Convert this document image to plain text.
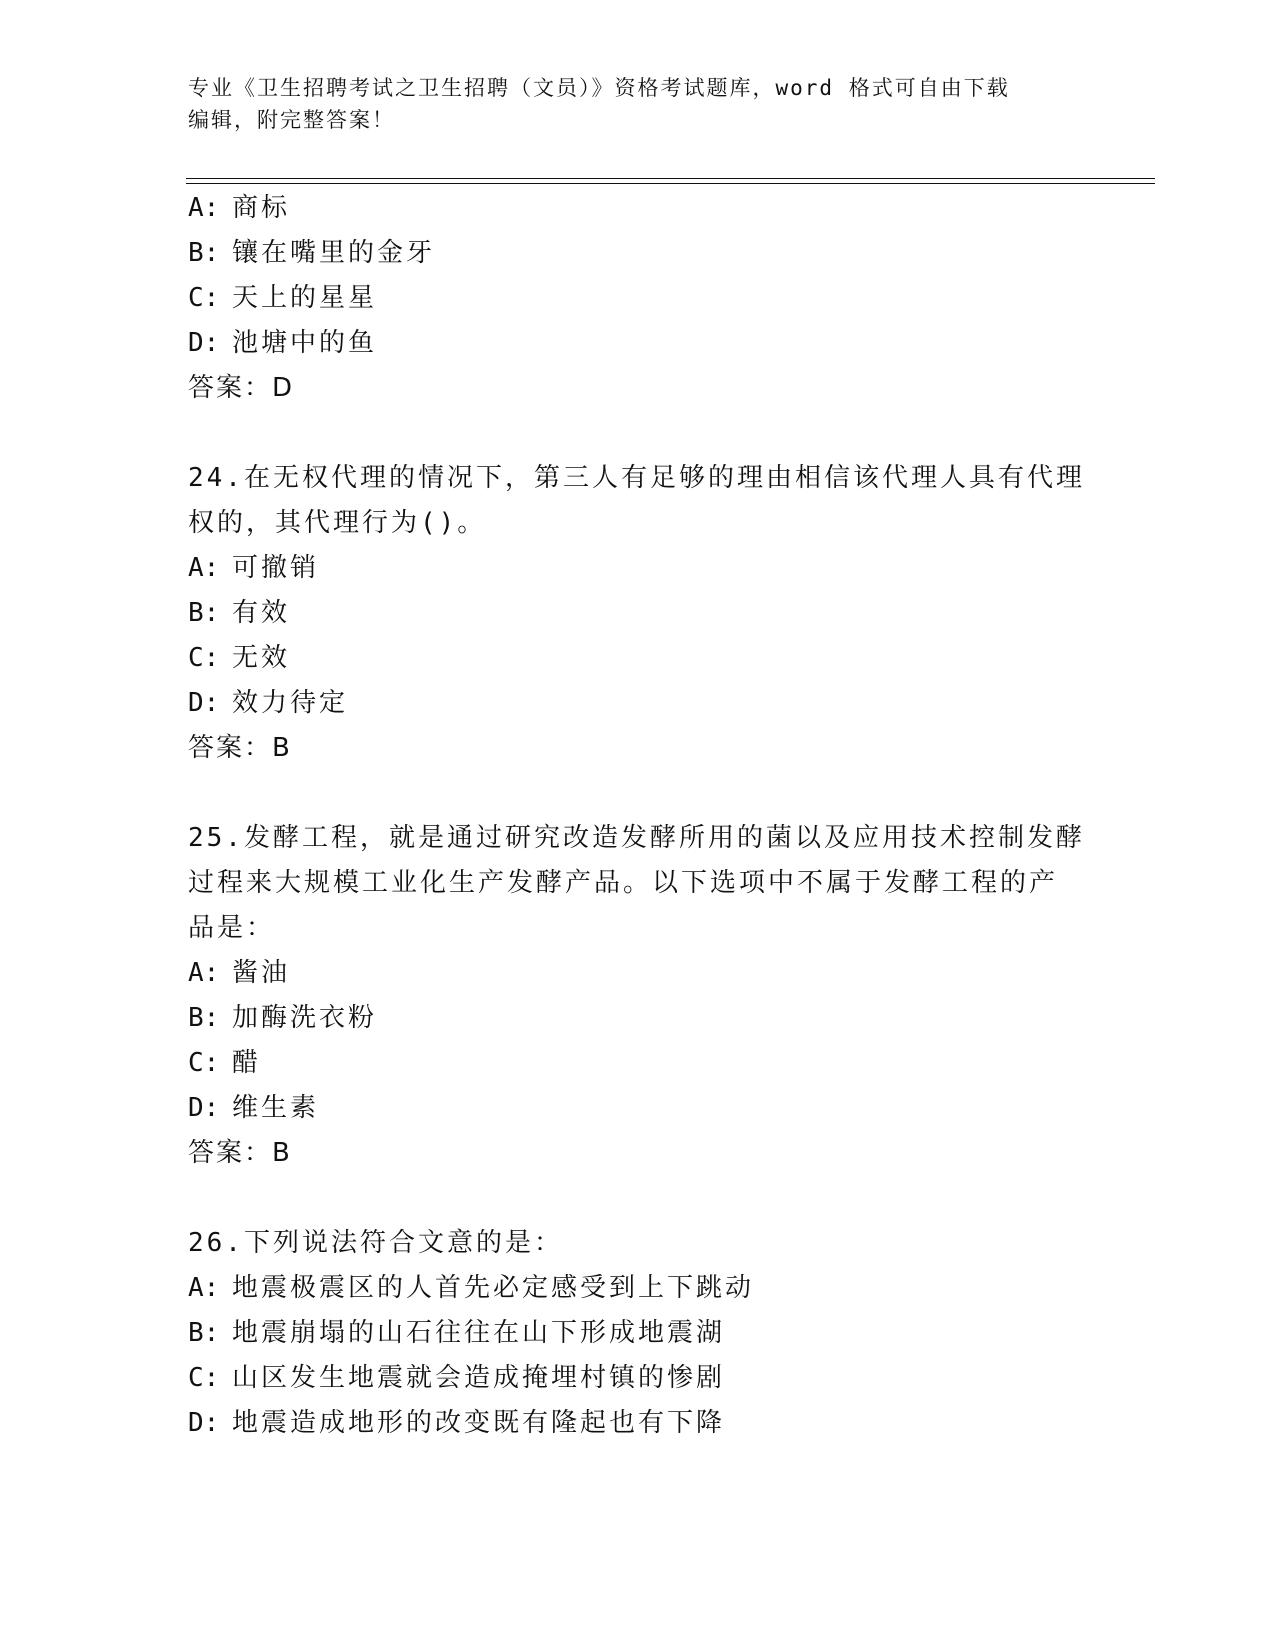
专业《卫生招聘考试之卫生招聘（文员）》资格考试题库，word 格式可自由下载
编辑，附完整答案！
A: 商标
B: 镶在嘴里的金牙
C: 天上的星星
D: 池塘中的鱼
答案：D
24.在无权代理的情况下，第三人有足够的理由相信该代理人具有代理
权的，其代理行为()。
A: 可撤销
B: 有效
C: 无效
D: 效力待定
答案：B
25.发酵工程，就是通过研究改造发酵所用的菌以及应用技术控制发酵
过程来大规模工业化生产发酵产品。以下选项中不属于发酵工程的产
品是：
A: 酱油
B: 加酶洗衣粉
C: 醋
D: 维生素
答案：B
26.下列说法符合文意的是：
A: 地震极震区的人首先必定感受到上下跳动
B: 地震崩塌的山石往往在山下形成地震湖
C: 山区发生地震就会造成掩埋村镇的惨剧
D: 地震造成地形的改变既有隆起也有下降
